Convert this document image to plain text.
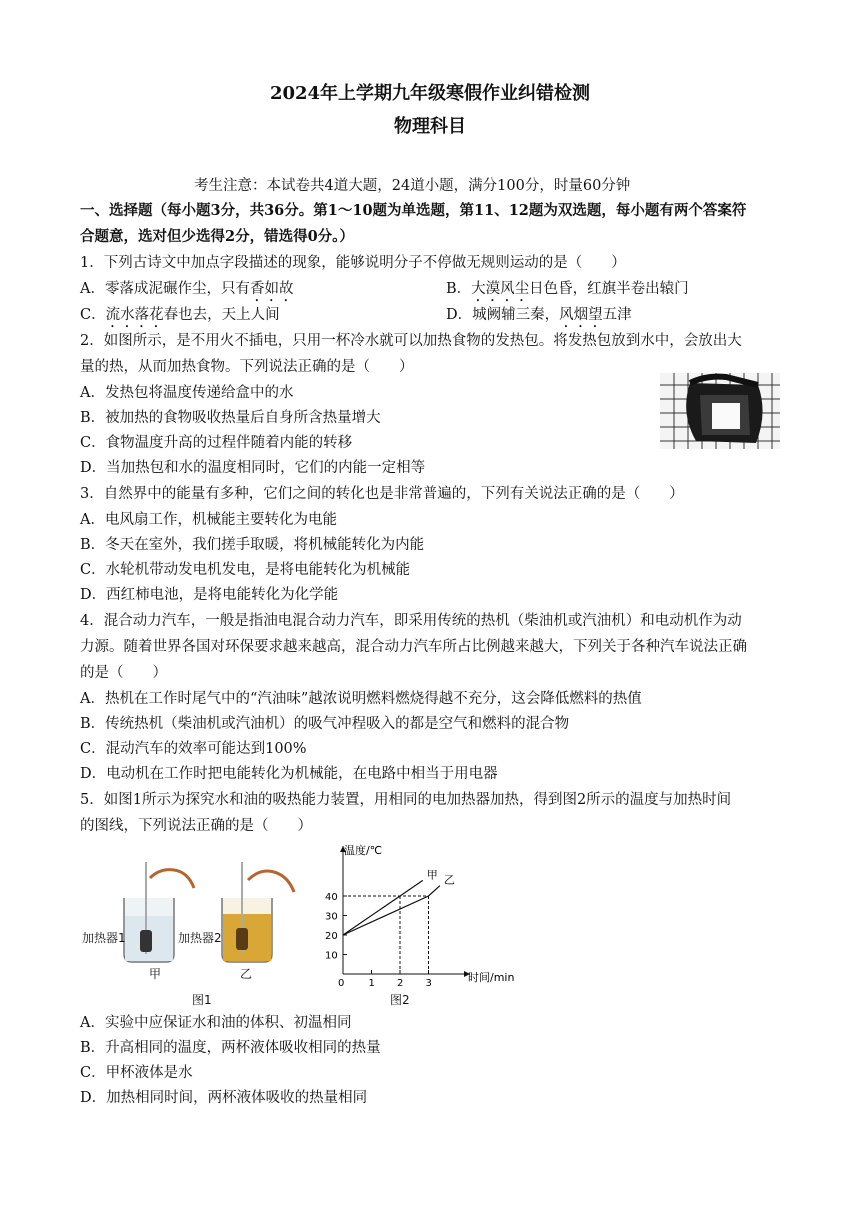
2024年上学期九年级寒假作业纠错检测
物理科目
考生注意：本试卷共4道大题，24道小题，满分100分，时量60分钟
一、选择题（每小题3分，共36分。第1～10题为单选题，第11、12题为双选题，每小题有两个答案符
合题意，选对但少选得2分，错选得0分。）
1．下列古诗文中加点字段描述的现象，能够说明分子不停做无规则运动的是（　　）
A．零落成泥碾作尘，只有香如故	B．大漠风尘日色昏，红旗半卷出辕门
C．流水落花春也去，天上人间	D．城阙辅三秦，风烟望五津
2．如图所示，是不用火不插电，只用一杯冷水就可以加热食物的发热包。将发热包放到水中，会放出大
量的热，从而加热食物。下列说法正确的是（　　）
A．发热包将温度传递给盒中的水
B．被加热的食物吸收热量后自身所含热量增大
C．食物温度升高的过程伴随着内能的转移
D．当加热包和水的温度相同时，它们的内能一定相等
3．自然界中的能量有多种，它们之间的转化也是非常普遍的，下列有关说法正确的是（　　）
A．电风扇工作，机械能主要转化为电能
B．冬天在室外，我们搓手取暖，将机械能转化为内能
C．水轮机带动发电机发电，是将电能转化为机械能
D．西红柿电池，是将电能转化为化学能
4．混合动力汽车，一般是指油电混合动力汽车，即采用传统的热机（柴油机或汽油机）和电动机作为动
力源。随着世界各国对环保要求越来越高，混合动力汽车所占比例越来越大，下列关于各种汽车说法正确
的是（　　）
A．热机在工作时尾气中的“汽油味”越浓说明燃料燃烧得越不充分，这会降低燃料的热值
B．传统热机（柴油机或汽油机）的吸气冲程吸入的都是空气和燃料的混合物
C．混动汽车的效率可能达到100%
D．电动机在工作时把电能转化为机械能，在电路中相当于用电器
5．如图1所示为探究水和油的吸热能力装置，用相同的电加热器加热，得到图2所示的温度与加热时间
的图线，下列说法正确的是（　　）
加热器1	加热器2
甲	乙
图1
温度/℃
时间/min
10
20
30
40
0 1 2 3
甲 乙
图2
A．实验中应保证水和油的体积、初温相同
B．升高相同的温度，两杯液体吸收相同的热量
C．甲杯液体是水
D．加热相同时间，两杯液体吸收的热量相同
